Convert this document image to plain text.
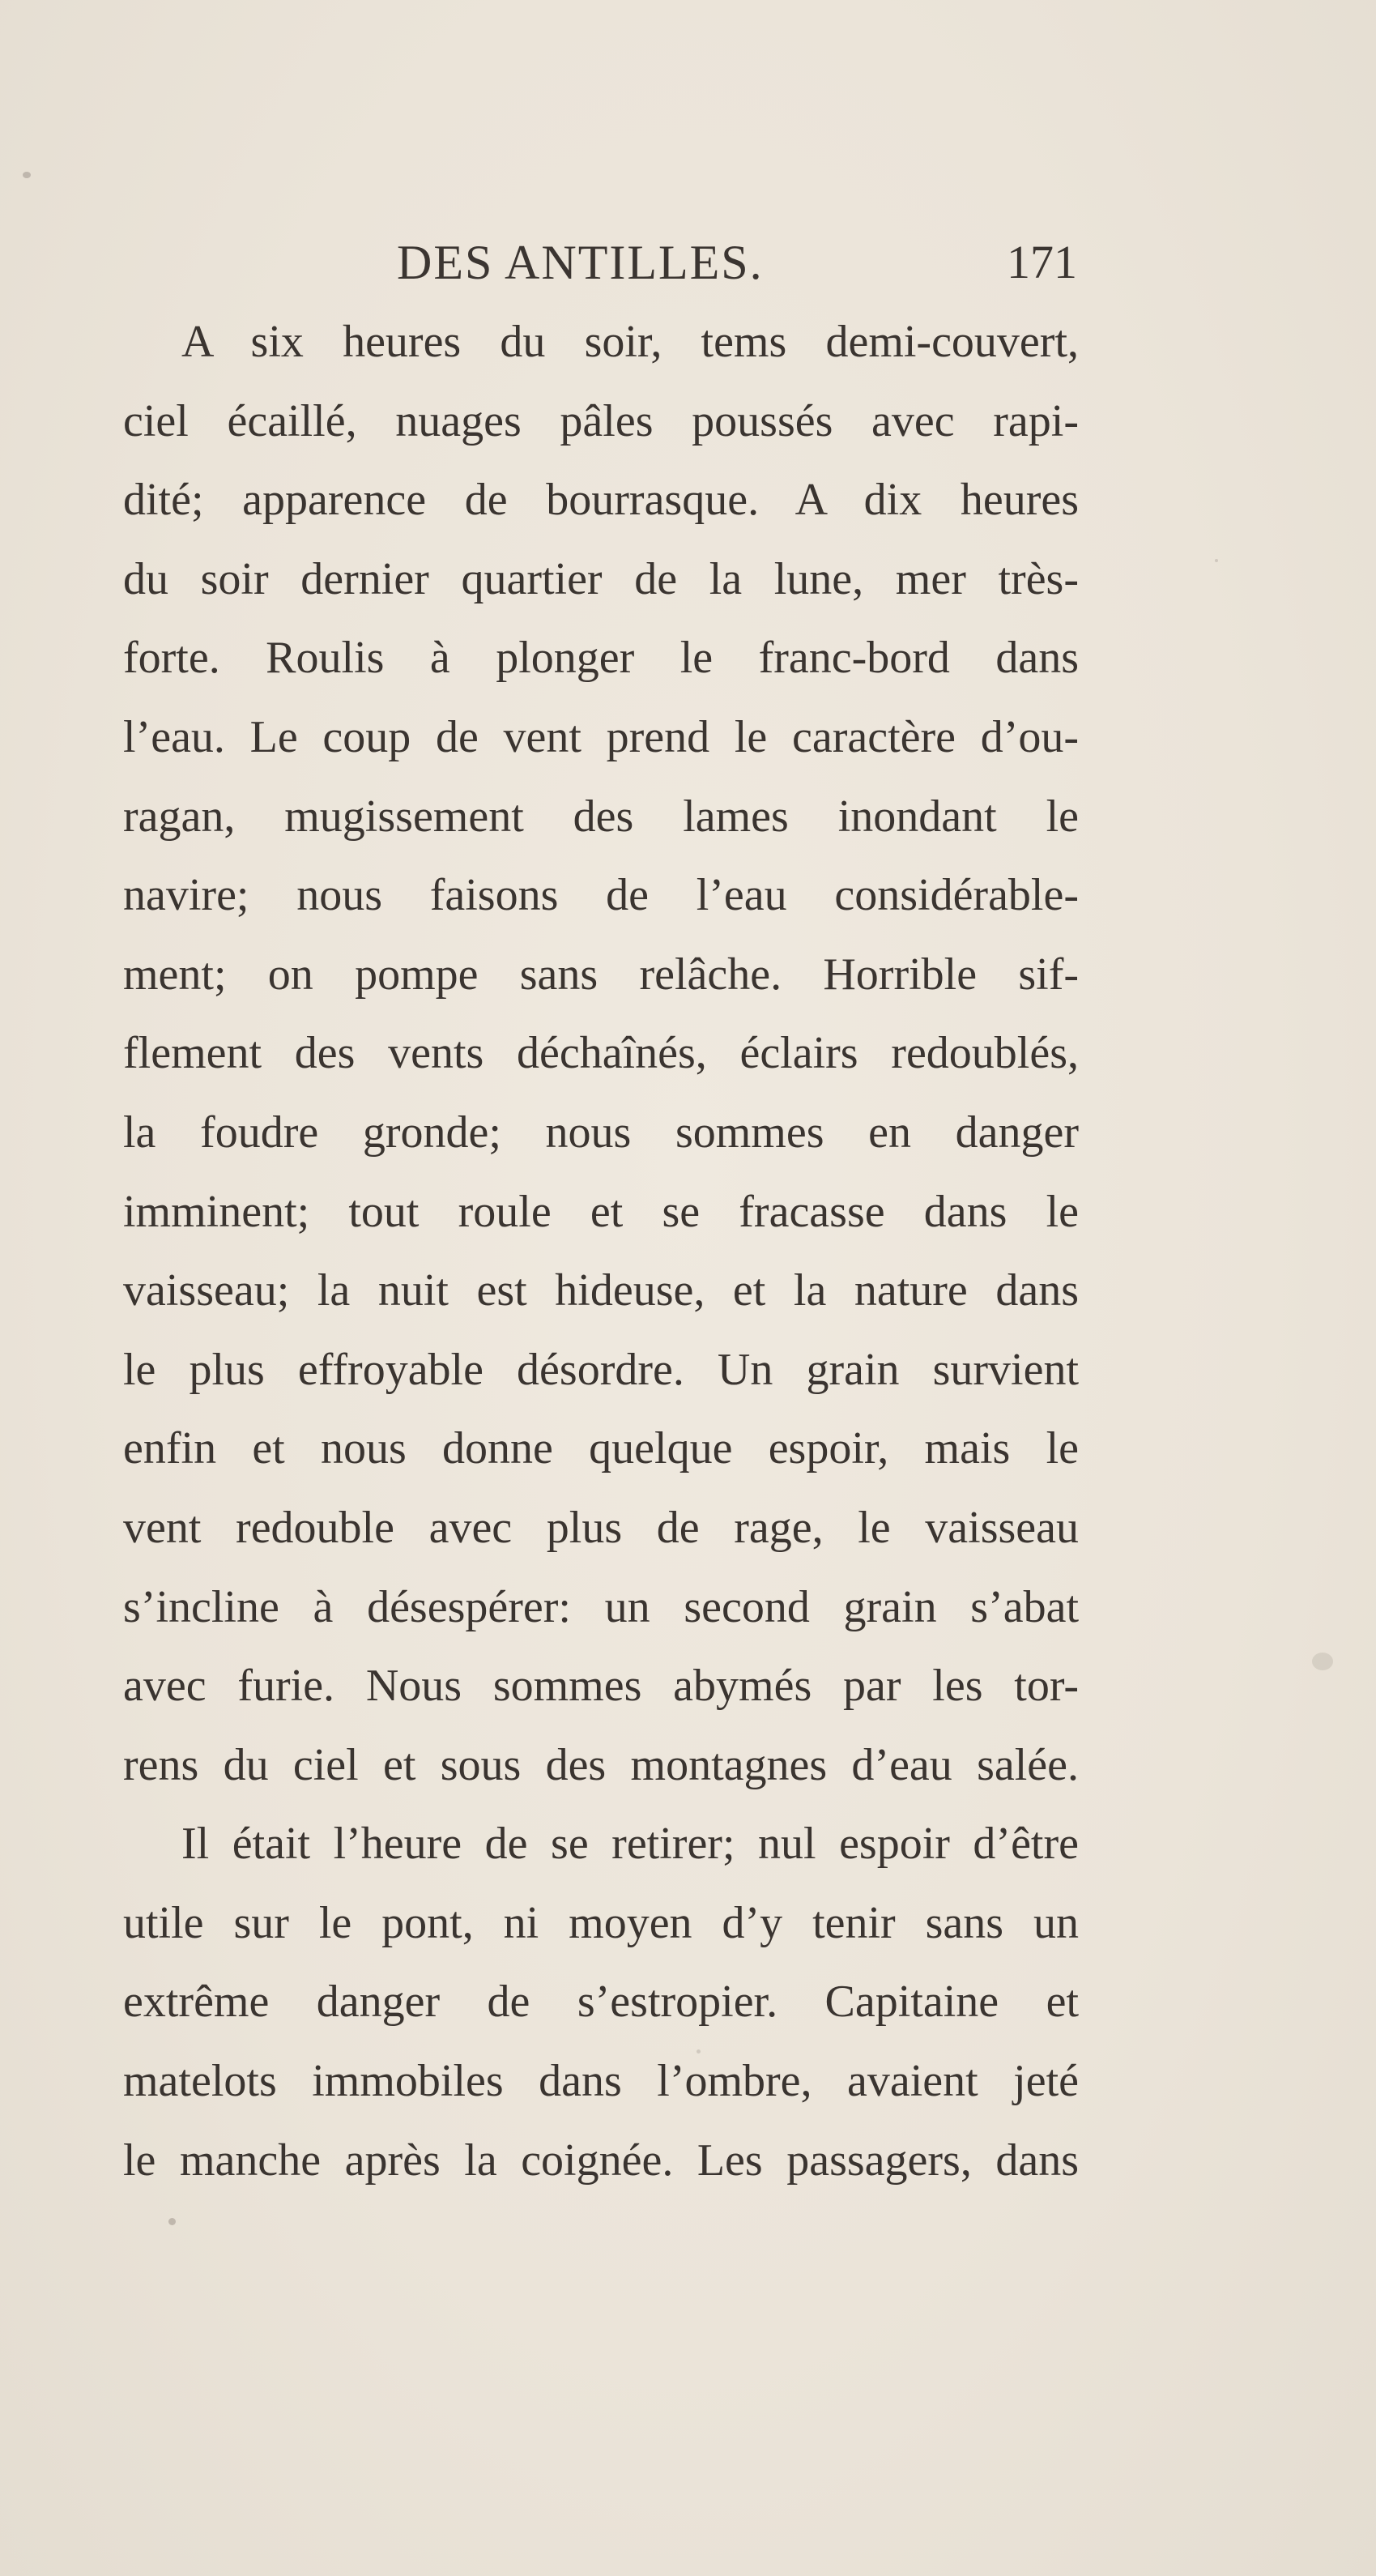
DES ANTILLES.	171
A six heures du soir, tems demi-couvert,
ciel écaillé, nuages pâles poussés avec rapi-
dité; apparence de bourrasque. A dix heures
du soir dernier quartier de la lune, mer très-
forte. Roulis à plonger le franc-bord dans
l’eau. Le coup de vent prend le caractère d’ou-
ragan, mugissement des lames inondant le
navire; nous faisons de l’eau considérable-
ment; on pompe sans relâche. Horrible sif-
flement des vents déchaînés, éclairs redoublés,
la foudre gronde; nous sommes en danger
imminent; tout roule et se fracasse dans le
vaisseau; la nuit est hideuse, et la nature dans
le plus effroyable désordre. Un grain survient
enfin et nous donne quelque espoir, mais le
vent redouble avec plus de rage, le vaisseau
s’incline à désespérer: un second grain s’abat
avec furie. Nous sommes abymés par les tor-
rens du ciel et sous des montagnes d’eau salée.
Il était l’heure de se retirer; nul espoir d’être
utile sur le pont, ni moyen d’y tenir sans un
extrême danger de s’estropier. Capitaine et
matelots immobiles dans l’ombre, avaient jeté
le manche après la coignée. Les passagers, dans
